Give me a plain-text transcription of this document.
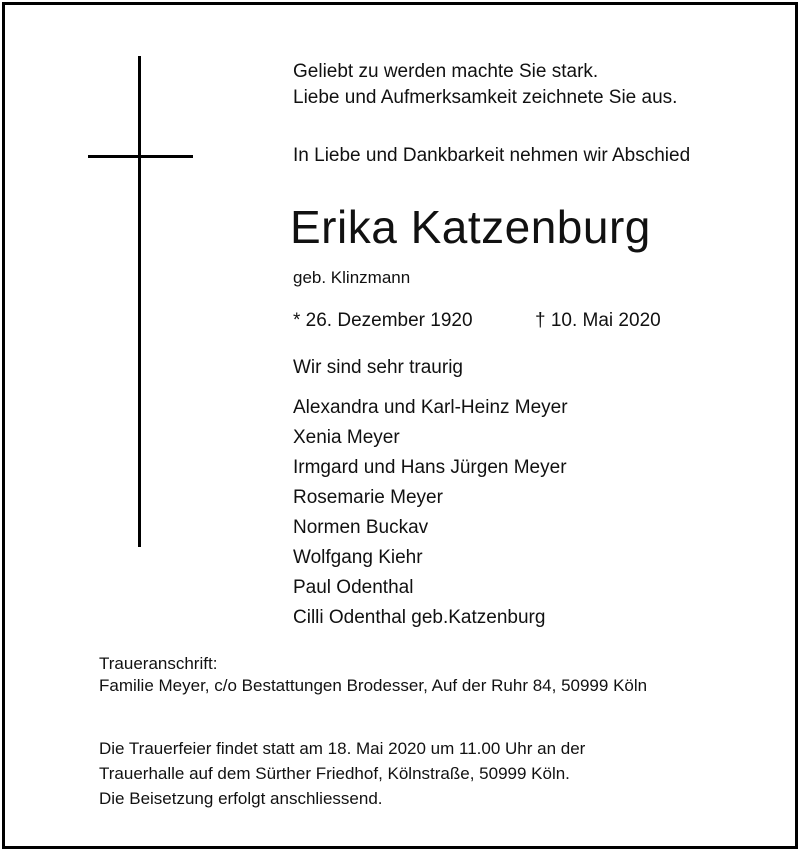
Geliebt zu werden machte Sie stark.
Liebe und Aufmerksamkeit zeichnete Sie aus.
In Liebe und Dankbarkeit nehmen wir Abschied
Erika Katzenburg
geb. Klinzmann
* 26. Dezember 1920	† 10. Mai 2020
Wir sind sehr traurig
Alexandra und Karl-Heinz Meyer
Xenia Meyer
Irmgard und Hans Jürgen Meyer
Rosemarie Meyer
Normen Buckav
Wolfgang Kiehr
Paul Odenthal
Cilli Odenthal geb.Katzenburg
Traueranschrift:
Familie Meyer, c/o Bestattungen Brodesser, Auf der Ruhr 84, 50999 Köln
Die Trauerfeier findet statt am 18. Mai 2020 um 11.00 Uhr an der
Trauerhalle auf dem Sürther Friedhof, Kölnstraße, 50999 Köln.
Die Beisetzung erfolgt anschliessend.
